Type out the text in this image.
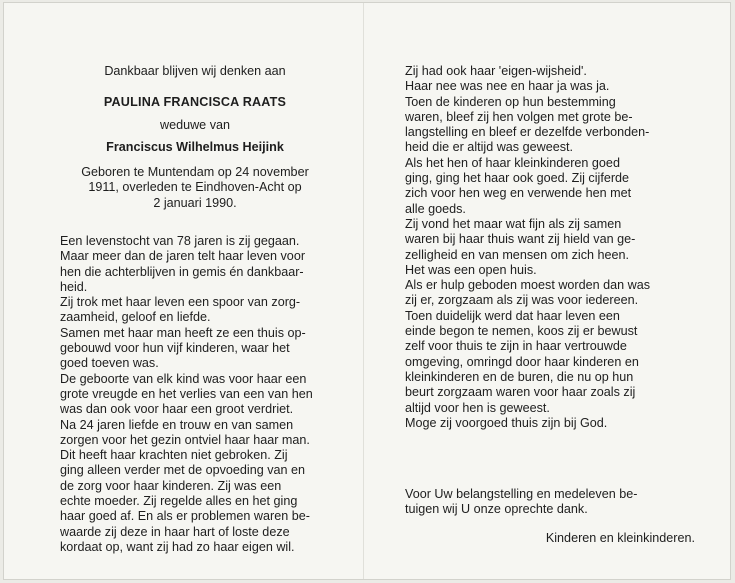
Dankbaar blijven wij denken aan

PAULINA FRANCISCA RAATS

weduwe van

Franciscus Wilhelmus Heijink

Geboren te Muntendam op 24 november

1911, overleden te Eindhoven-Acht op

2 januari 1990.

Een levenstocht van 78 jaren is zij gegaan.

Maar meer dan de jaren telt haar leven voor

hen die achterblijven in gemis én dankbaar-

heid.

Zij trok met haar leven een spoor van zorg-

zaamheid, geloof en liefde.

Samen met haar man heeft ze een thuis op-

gebouwd voor hun vijf kinderen, waar het

goed toeven was.

De geboorte van elk kind was voor haar een

grote vreugde en het verlies van een van hen

was dan ook voor haar een groot verdriet.

Na 24 jaren liefde en trouw en van samen

zorgen voor het gezin ontviel haar haar man.

Dit heeft haar krachten niet gebroken. Zij

ging alleen verder met de opvoeding van en

de zorg voor haar kinderen. Zij was een

echte moeder. Zij regelde alles en het ging

haar goed af. En als er problemen waren be-

waarde zij deze in haar hart of loste deze

kordaat op, want zij had zo haar eigen wil.

Zij had ook haar 'eigen-wijsheid'.

Haar nee was nee en haar ja was ja.

Toen de kinderen op hun bestemming

waren, bleef zij hen volgen met grote be-

langstelling en bleef er dezelfde verbonden-

heid die er altijd was geweest.

Als het hen of haar kleinkinderen goed

ging, ging het haar ook goed. Zij cijferde

zich voor hen weg en verwende hen met

alle goeds.

Zij vond het maar wat fijn als zij samen

waren bij haar thuis want zij hield van ge-

zelligheid en van mensen om zich heen.

Het was een open huis.

Als er hulp geboden moest worden dan was

zij er, zorgzaam als zij was voor iedereen.

Toen duidelijk werd dat haar leven een

einde begon te nemen, koos zij er bewust

zelf voor thuis te zijn in haar vertrouwde

omgeving, omringd door haar kinderen en

kleinkinderen en de buren, die nu op hun

beurt zorgzaam waren voor haar zoals zij

altijd voor hen is geweest.

Moge zij voorgoed thuis zijn bij God.

Voor Uw belangstelling en medeleven be-

tuigen wij U onze oprechte dank.

Kinderen en kleinkinderen.
